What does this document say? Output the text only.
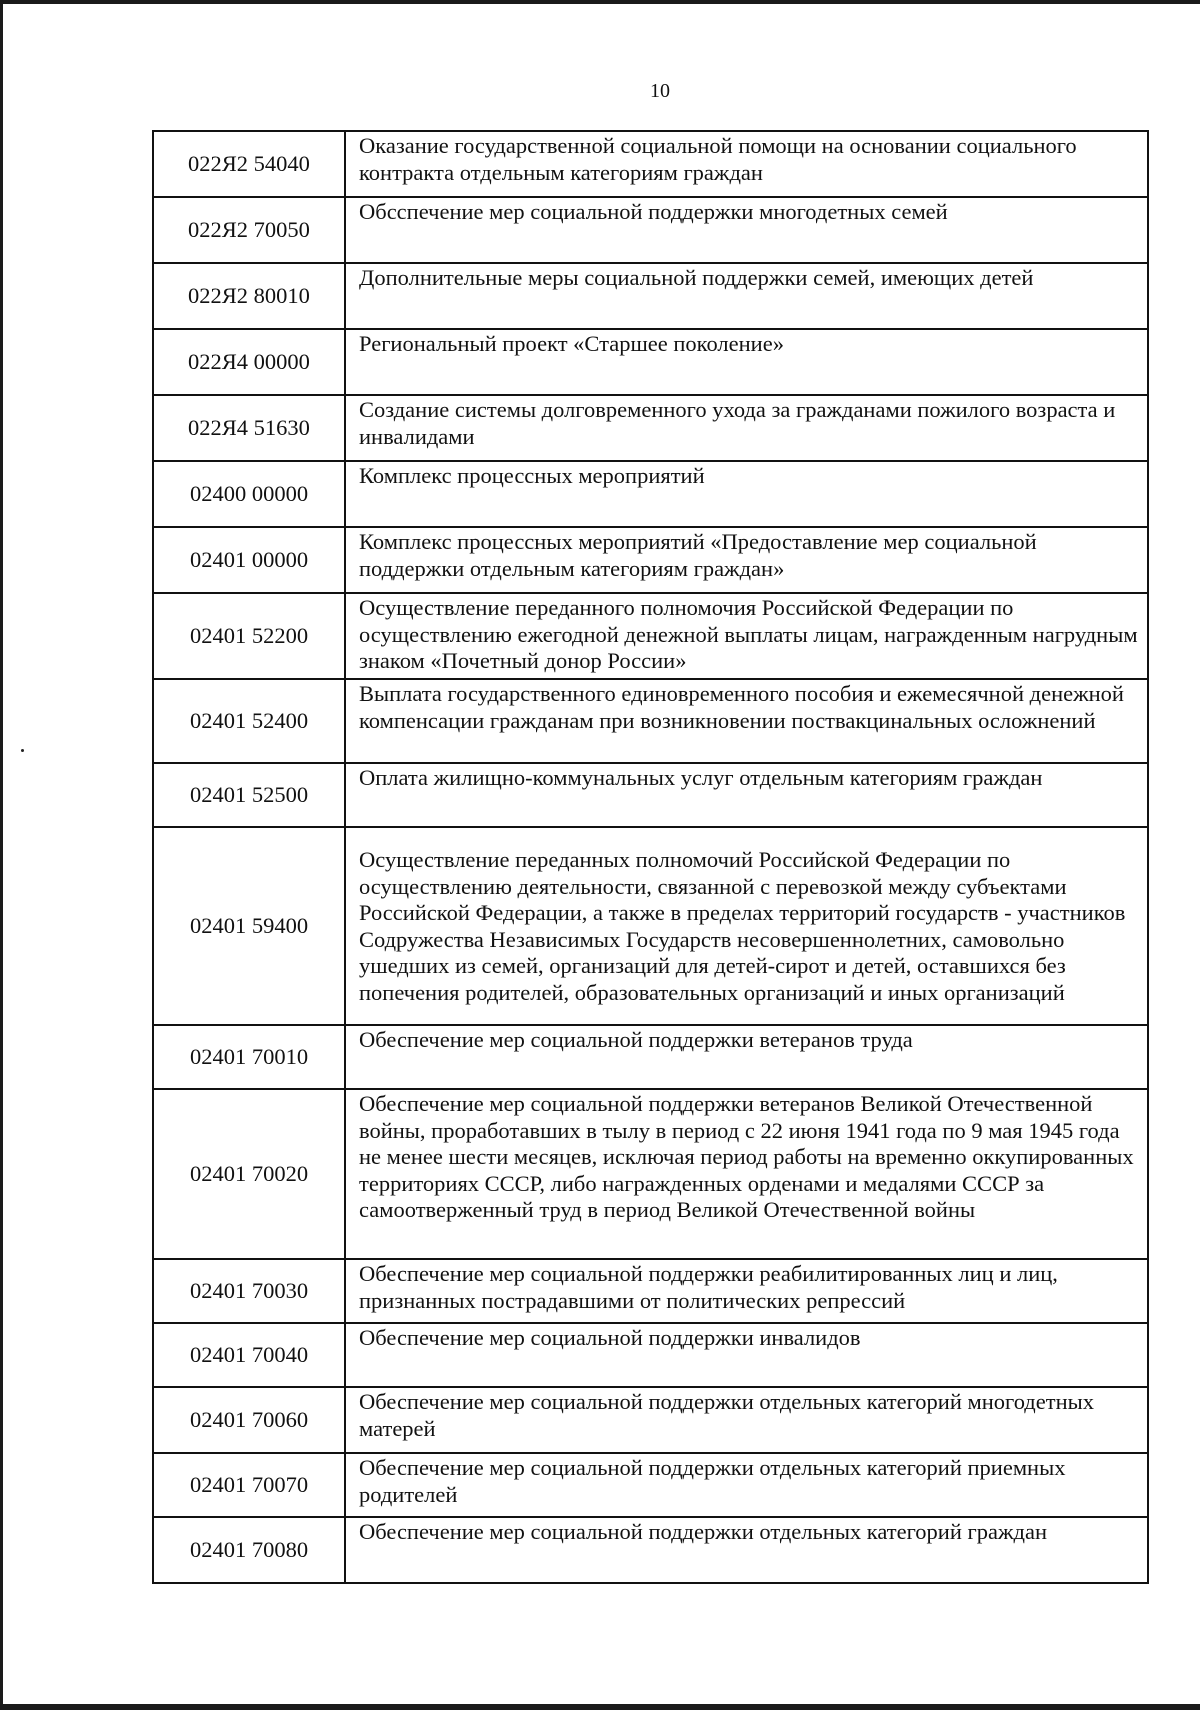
10
022Я2 54040	Оказание государственной социальной помощи на основании социального контракта отдельным категориям граждан
022Я2 70050	Обсспечение мер социальной поддержки многодетных семей
022Я2 80010	Дополнительные меры социальной поддержки семей, имеющих детей
022Я4 00000	Региональный проект «Старшее поколение»
022Я4 51630	Создание системы долговременного ухода за гражданами пожилого возраста и инвалидами
02400 00000	Комплекс процессных мероприятий
02401 00000	Комплекс процессных мероприятий «Предоставление мер социальной поддержки отдельным категориям граждан»
02401 52200	Осуществление переданного полномочия Российской Федерации по осуществлению ежегодной денежной выплаты лицам, награжденным нагрудным знаком «Почетный донор России»
02401 52400	Выплата государственного единовременного пособия и ежемесячной денежной компенсации гражданам при возникновении поствакцинальных осложнений
02401 52500	Оплата жилищно-коммунальных услуг отдельным категориям граждан
02401 59400	Осуществление переданных полномочий Российской Федерации по осуществлению деятельности, связанной с перевозкой между субъектами Российской Федерации, а также в пределах территорий государств - участников Содружества Независимых Государств несовершеннолетних, самовольно ушедших из семей, организаций для детей-сирот и детей, оставшихся без попечения родителей, образовательных организаций и иных организаций
02401 70010	Обеспечение мер социальной поддержки ветеранов труда
02401 70020	Обеспечение мер социальной поддержки ветеранов Великой Отечественной войны, проработавших в тылу в период с 22 июня 1941 года по 9 мая 1945 года не менее шести месяцев, исключая период работы на временно оккупированных территориях СССР, либо награжденных орденами и медалями СССР за самоотверженный труд в период Великой Отечественной войны
02401 70030	Обеспечение мер социальной поддержки реабилитированных лиц и лиц, признанных пострадавшими от политических репрессий
02401 70040	Обеспечение мер социальной поддержки инвалидов
02401 70060	Обеспечение мер социальной поддержки отдельных категорий многодетных матерей
02401 70070	Обеспечение мер социальной поддержки отдельных категорий приемных родителей
02401 70080	Обеспечение мер социальной поддержки отдельных категорий граждан
